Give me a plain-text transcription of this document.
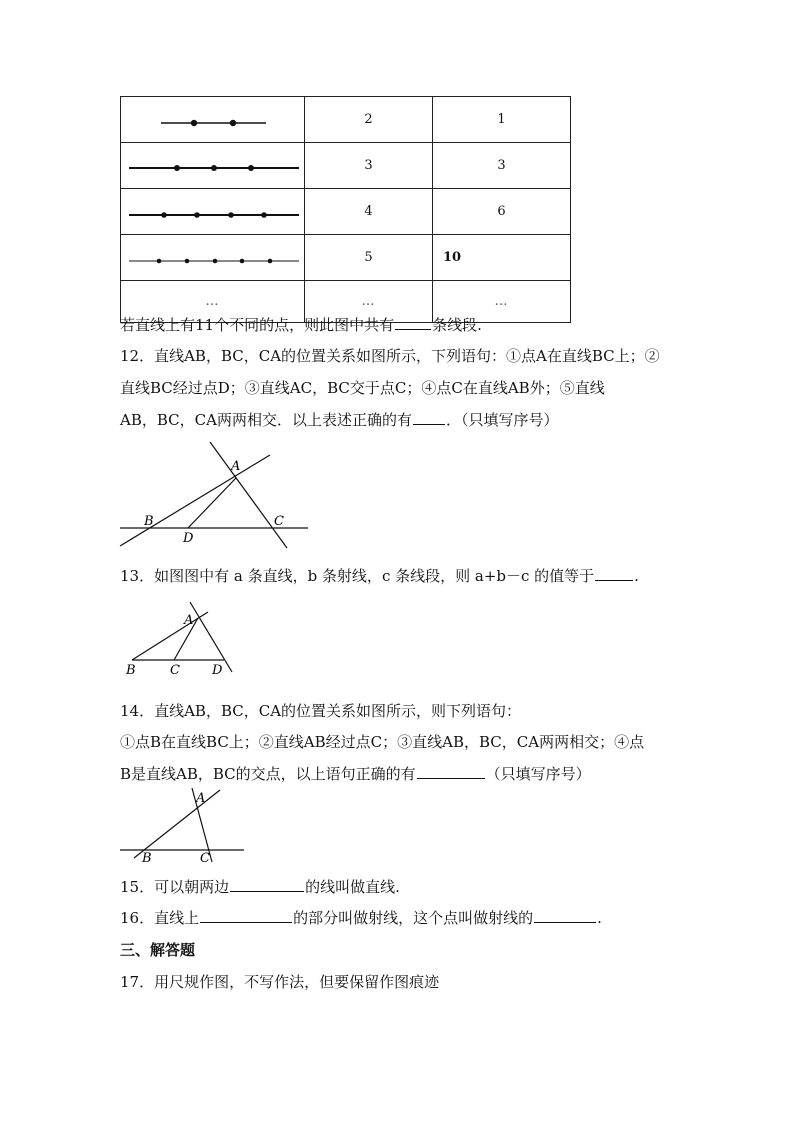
	2	1
	3	3
	4	6
	5	10
…	…	…
若直线上有11个不同的点，则此图中共有	条线段.
12．直线AB，BC，CA的位置关系如图所示，下列语句：①点A在直线BC上；②
直线BC经过点D；③直线AC，BC交于点C；④点C在直线AB外；⑤直线
AB，BC，CA两两相交．以上表述正确的有 ．（只填写序号）
A
B	C
D
13．如图图中有 a 条直线，b 条射线，c 条线段，则 a+b－c 的值等于	.
A
B	C D
14．直线AB，BC，CA的位置关系如图所示，则下列语句：
①点B在直线BC上；②直线AB经过点C；③直线AB，BC，CA两两相交；④点
B是直线AB，BC的交点，以上语句正确的有	（只填写序号）
A
B	C
15．可以朝两边	的线叫做直线.
16．直线上	的部分叫做射线，这个点叫做射线的	.
三、解答题
17．用尺规作图，不写作法，但要保留作图痕迹
